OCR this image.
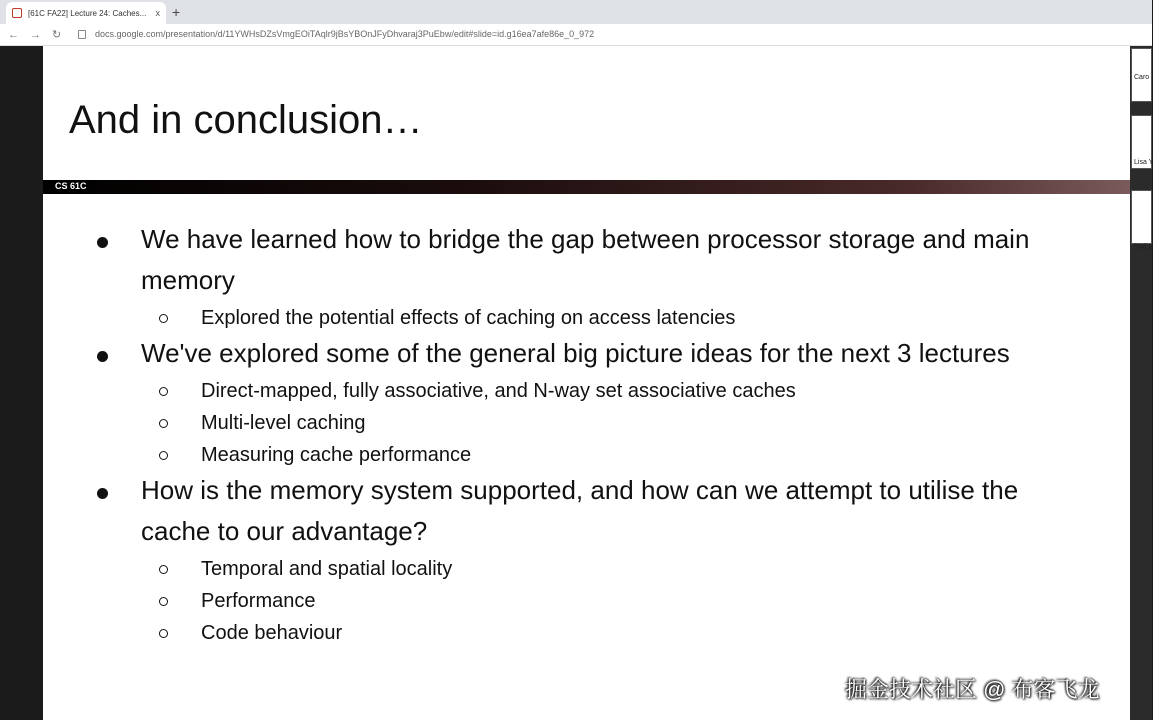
[61C FA22] Lecture 24: Caches...	x +
← → ↻	docs.google.com/presentation/d/11YWHsDZsVmgEOiTAqlr9jBsYBOnJFyDhvaraj3PuEbw/edit#slide=id.g16ea7afe86e_0_972
Caro
Lisa Y
[TA] B
And in conclusion…
CS 61C
We have learned how to bridge the gap between processor storage and main
memory
Explored the potential effects of caching on access latencies
We've explored some of the general big picture ideas for the next 3 lectures
Direct-mapped, fully associative, and N-way set associative caches
Multi-level caching
Measuring cache performance
How is the memory system supported, and how can we attempt to utilise the
cache to our advantage?
Temporal and spatial locality
Performance
Code behaviour
掘金技术社区 @ 布客飞龙
